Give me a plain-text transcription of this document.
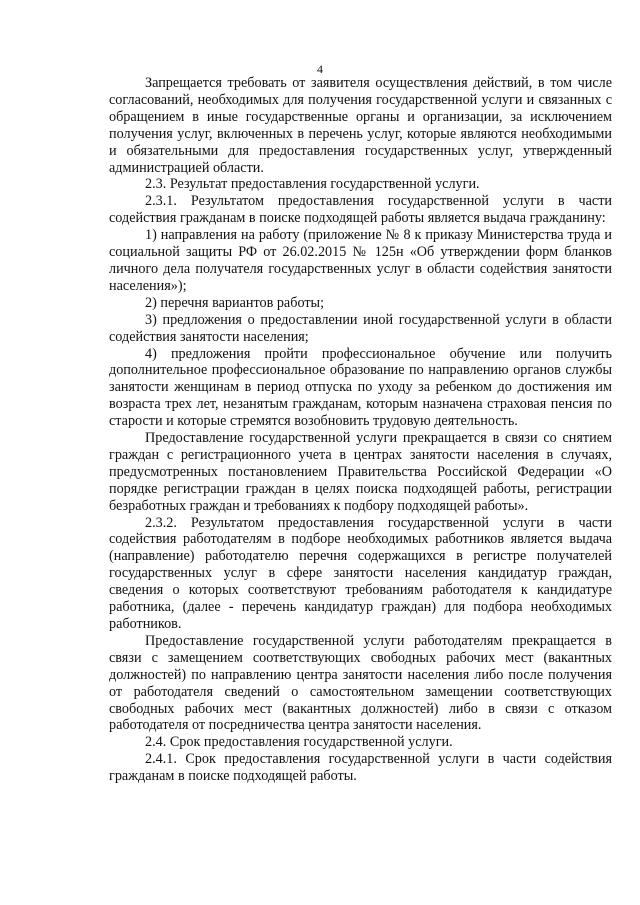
4

Запрещается требовать от заявителя осуществления действий, в том числе согласований, необходимых для получения государственной услуги и связанных с обращением в иные государственные органы и организации, за исключением получения услуг, включенных в перечень услуг, которые являются необходимыми и обязательными для предоставления государственных услуг, утвержденный администрацией области.

2.3. Результат предоставления государственной услуги.

2.3.1. Результатом предоставления государственной услуги в части содействия гражданам в поиске подходящей работы является выдача гражданину:

1) направления на работу (приложение № 8 к приказу Министерства труда и социальной защиты РФ от 26.02.2015 № 125н «Об утверждении форм бланков личного дела получателя государственных услуг в области содействия занятости населения»);

2) перечня вариантов работы;

3) предложения о предоставлении иной государственной услуги в области содействия занятости населения;

4) предложения пройти профессиональное обучение или получить дополнительное профессиональное образование по направлению органов службы занятости женщинам в период отпуска по уходу за ребенком до достижения им возраста трех лет, незанятым гражданам, которым назначена страховая пенсия по старости и которые стремятся возобновить трудовую деятельность.

Предоставление государственной услуги прекращается в связи со снятием граждан с регистрационного учета в центрах занятости населения в случаях, предусмотренных постановлением Правительства Российской Федерации «О порядке регистрации граждан в целях поиска подходящей работы, регистрации безработных граждан и требованиях к подбору подходящей работы».

2.3.2. Результатом предоставления государственной услуги в части содействия работодателям в подборе необходимых работников является выдача (направление) работодателю перечня содержащихся в регистре получателей государственных услуг в сфере занятости населения кандидатур граждан, сведения о которых соответствуют требованиям работодателя к кандидатуре работника, (далее - перечень кандидатур граждан) для подбора необходимых работников.

Предоставление государственной услуги работодателям прекращается в связи с замещением соответствующих свободных рабочих мест (вакантных должностей) по направлению центра занятости населения либо после получения от работодателя сведений о самостоятельном замещении соответствующих свободных рабочих мест (вакантных должностей) либо в связи с отказом работодателя от посредничества центра занятости населения.

2.4. Срок предоставления государственной услуги.

2.4.1. Срок предоставления государственной услуги в части содействия гражданам в поиске подходящей работы.
